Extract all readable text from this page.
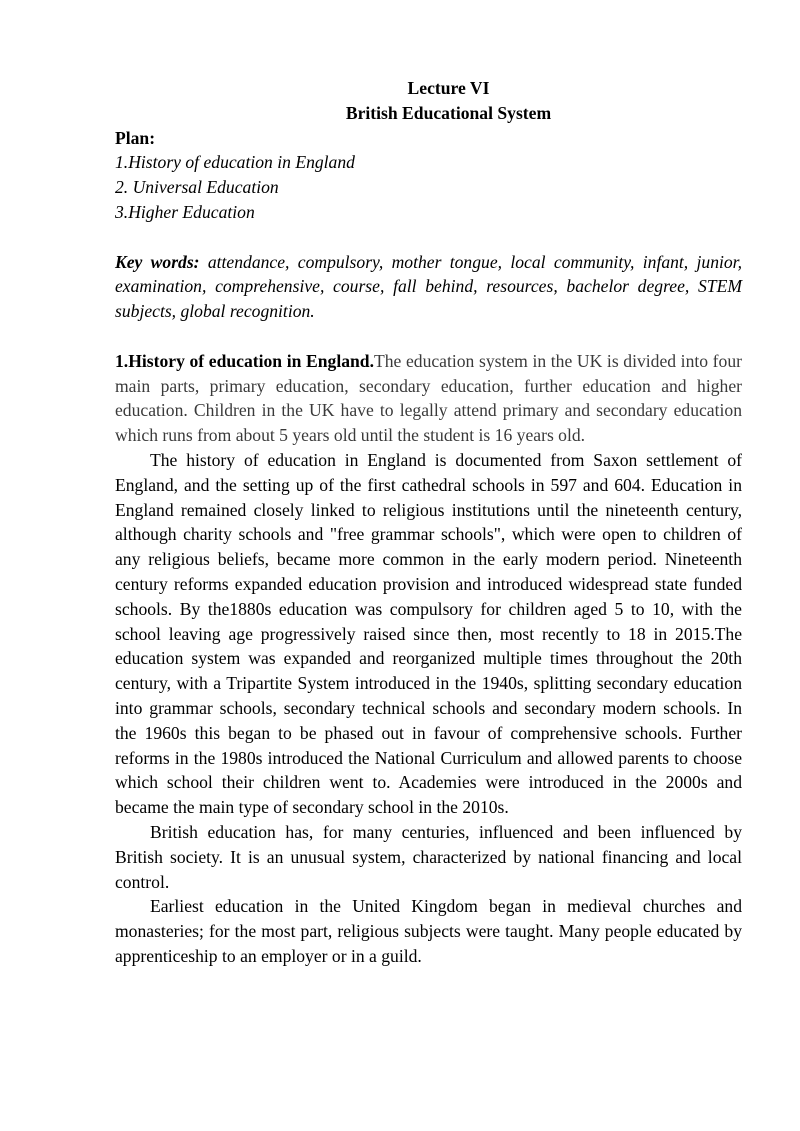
Lecture VI
British Educational System
Plan:
1.History of education in England
2. Universal Education
3.Higher Education

Key words: attendance, compulsory, mother tongue, local community, infant, junior, examination, comprehensive, course, fall behind, resources, bachelor degree, STEM subjects, global recognition.

1.History of education in England.The education system in the UK is divided into four main parts, primary education, secondary education, further education and higher education. Children in the UK have to legally attend primary and secondary education which runs from about 5 years old until the student is 16 years old.

The history of education in England is documented from Saxon settlement of England, and the setting up of the first cathedral schools in 597 and 604. Education in England remained closely linked to religious institutions until the nineteenth century, although charity schools and "free grammar schools", which were open to children of any religious beliefs, became more common in the early modern period. Nineteenth century reforms expanded education provision and introduced widespread state funded schools. By the1880s education was compulsory for children aged 5 to 10, with the school leaving age progressively raised since then, most recently to 18 in 2015.The education system was expanded and reorganized multiple times throughout the 20th century, with a Tripartite System introduced in the 1940s, splitting secondary education into grammar schools, secondary technical schools and secondary modern schools. In the 1960s this began to be phased out in favour of comprehensive schools. Further reforms in the 1980s introduced the National Curriculum and allowed parents to choose which school their children went to. Academies were introduced in the 2000s and became the main type of secondary school in the 2010s.

British education has, for many centuries, influenced and been influenced by British society. It is an unusual system, characterized by national financing and local control.

Earliest education in the United Kingdom began in medieval churches and monasteries; for the most part, religious subjects were taught. Many people educated by apprenticeship to an employer or in a guild.
